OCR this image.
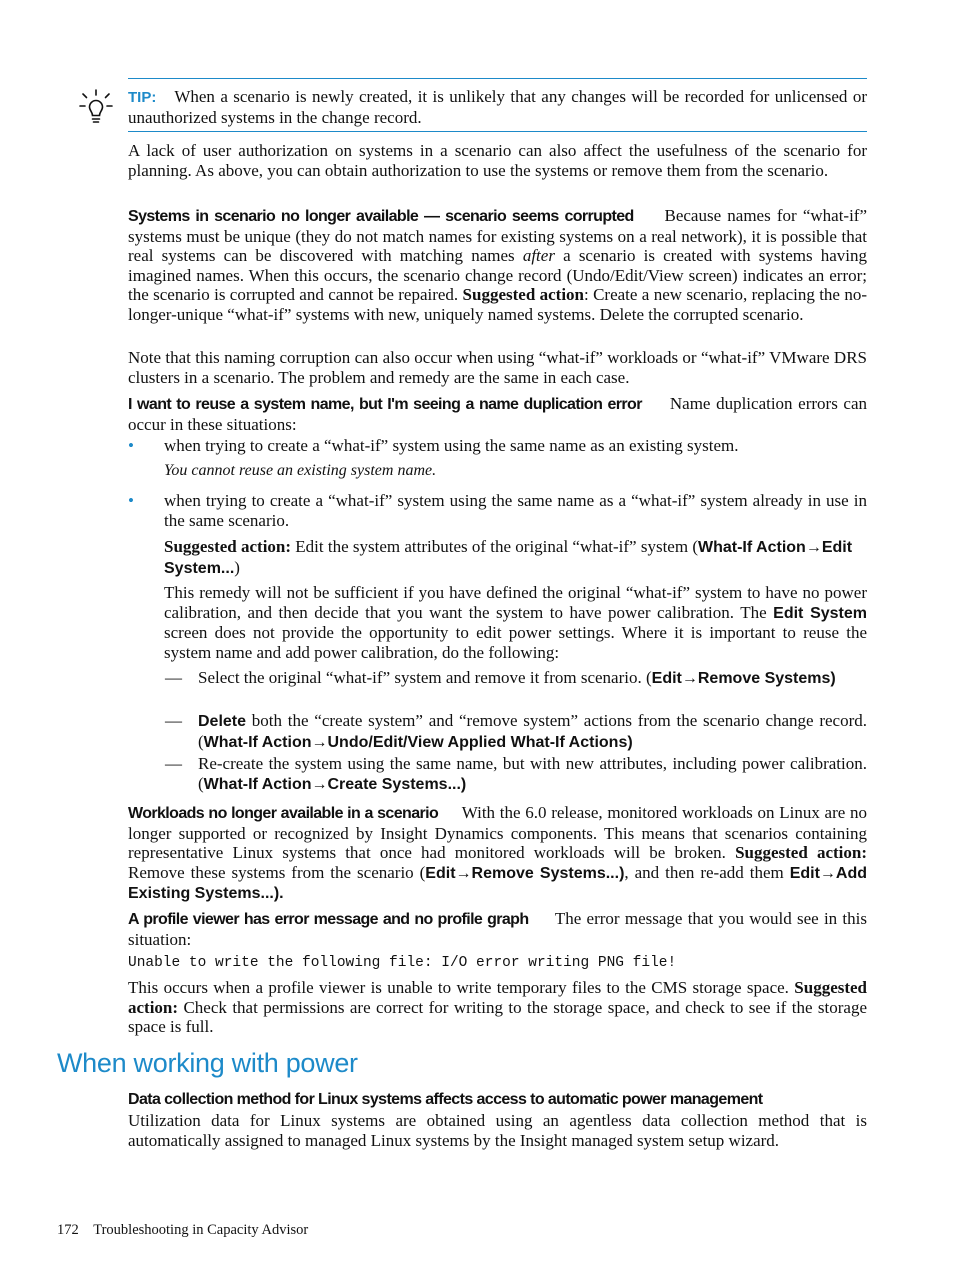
TIP: When a scenario is newly created, it is unlikely that any changes will be recorded for unlicensed or unauthorized systems in the change record.

A lack of user authorization on systems in a scenario can also affect the usefulness of the scenario for planning. As above, you can obtain authorization to use the systems or remove them from the scenario.
Systems in scenario no longer available — scenario seems corrupted Because names for “what-if” systems must be unique (they do not match names for existing systems on a real network), it is possible that real systems can be discovered with matching names after a scenario is created with systems having imagined names. When this occurs, the scenario change record (Undo/Edit/View screen) indicates an error; the scenario is corrupted and cannot be repaired. Suggested action: Create a new scenario, replacing the no-longer-unique “what-if” systems with new, uniquely named systems. Delete the corrupted scenario.
Note that this naming corruption can also occur when using “what-if” workloads or “what-if” VMware DRS clusters in a scenario. The problem and remedy are the same in each case.
I want to reuse a system name, but I'm seeing a name duplication error Name duplication errors can occur in these situations:
• when trying to create a “what-if” system using the same name as an existing system.
You cannot reuse an existing system name.
• when trying to create a “what-if” system using the same name as a “what-if” system already in use in the same scenario.
Suggested action: Edit the system attributes of the original “what-if” system (What-If Action→Edit System...)
This remedy will not be sufficient if you have defined the original “what-if” system to have no power calibration, and then decide that you want the system to have power calibration. The Edit System screen does not provide the opportunity to edit power settings. Where it is important to reuse the system name and add power calibration, do the following:
— Select the original “what-if” system and remove it from scenario. (Edit→Remove Systems)
— Delete both the “create system” and “remove system” actions from the scenario change record. (What-If Action→Undo/Edit/View Applied What-If Actions)
— Re-create the system using the same name, but with new attributes, including power calibration. (What-If Action→Create Systems...)
Workloads no longer available in a scenario With the 6.0 release, monitored workloads on Linux are no longer supported or recognized by Insight Dynamics components. This means that scenarios containing representative Linux systems that once had monitored workloads will be broken. Suggested action: Remove these systems from the scenario (Edit→Remove Systems...), and then re-add them Edit→Add Existing Systems...).
A profile viewer has error message and no profile graph The error message that you would see in this situation:
Unable to write the following file: I/O error writing PNG file!
This occurs when a profile viewer is unable to write temporary files to the CMS storage space. Suggested action: Check that permissions are correct for writing to the storage space, and check to see if the storage space is full.
When working with power
Data collection method for Linux systems affects access to automatic power management
Utilization data for Linux systems are obtained using an agentless data collection method that is automatically assigned to managed Linux systems by the Insight managed system setup wizard.
172 Troubleshooting in Capacity Advisor
